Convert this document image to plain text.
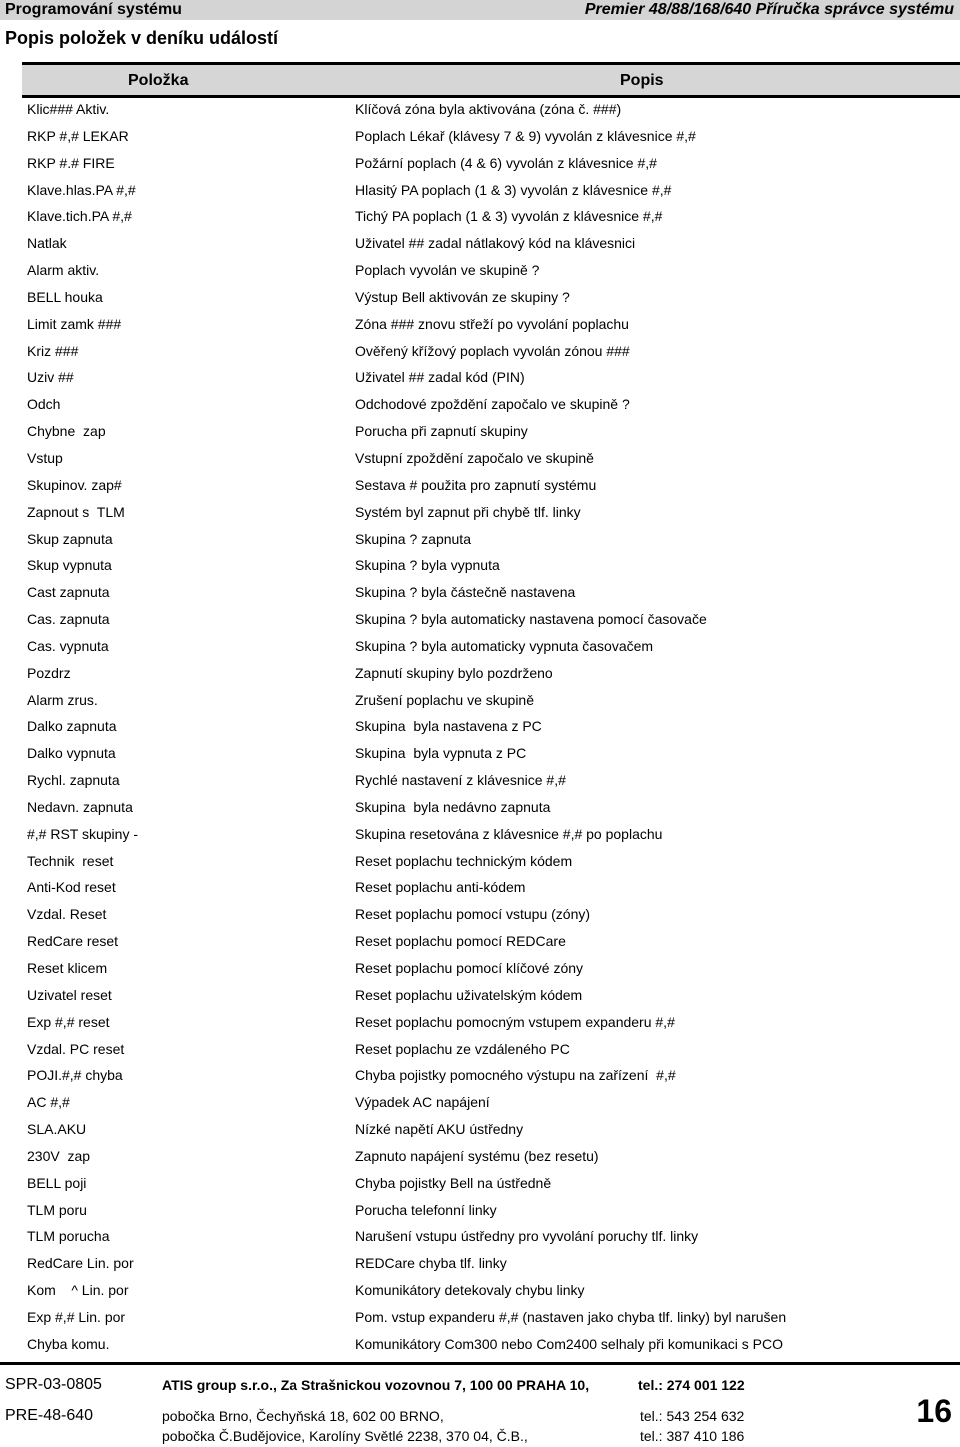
Programování systému	Premier 48/88/168/640 Příručka správce systému
Popis položek v deníku událostí
Položka	Popis
Klic### Aktiv.	Klíčová zóna byla aktivována (zóna č. ###)
RKP #,# LEKAR	Poplach Lékař (klávesy 7 & 9) vyvolán z klávesnice #,#
RKP #.# FIRE	Požární poplach (4 & 6) vyvolán z klávesnice #,#
Klave.hlas.PA #,#	Hlasitý PA poplach (1 & 3) vyvolán z klávesnice #,#
Klave.tich.PA #,#	Tichý PA poplach (1 & 3) vyvolán z klávesnice #,#
Natlak	Uživatel ## zadal nátlakový kód na klávesnici
Alarm aktiv.	Poplach vyvolán ve skupině ?
BELL houka	Výstup Bell aktivován ze skupiny ?
Limit zamk ###	Zóna ### znovu střeží po vyvolání poplachu
Kriz ###	Ověřený křížový poplach vyvolán zónou ###
Uziv ##	Uživatel ## zadal kód (PIN)
Odch	Odchodové zpoždění započalo ve skupině ?
Chybne  zap	Porucha při zapnutí skupiny
Vstup	Vstupní zpoždění započalo ve skupině
Skupinov. zap#	Sestava # použita pro zapnutí systému
Zapnout s  TLM	Systém byl zapnut při chybě tlf. linky
Skup zapnuta	Skupina ? zapnuta
Skup vypnuta	Skupina ? byla vypnuta
Cast zapnuta	Skupina ? byla částečně nastavena
Cas. zapnuta	Skupina ? byla automaticky nastavena pomocí časovače
Cas. vypnuta	Skupina ? byla automaticky vypnuta časovačem
Pozdrz	Zapnutí skupiny bylo pozdrženo
Alarm zrus.	Zrušení poplachu ve skupině
Dalko zapnuta	Skupina  byla nastavena z PC
Dalko vypnuta	Skupina  byla vypnuta z PC
Rychl. zapnuta	Rychlé nastavení z klávesnice #,#
Nedavn. zapnuta	Skupina  byla nedávno zapnuta
#,# RST skupiny -	Skupina resetována z klávesnice #,# po poplachu
Technik  reset	Reset poplachu technickým kódem
Anti-Kod reset	Reset poplachu anti-kódem
Vzdal. Reset	Reset poplachu pomocí vstupu (zóny)
RedCare reset	Reset poplachu pomocí REDCare
Reset klicem	Reset poplachu pomocí klíčové zóny
Uzivatel reset	Reset poplachu uživatelským kódem
Exp #,# reset	Reset poplachu pomocným vstupem expanderu #,#
Vzdal. PC reset	Reset poplachu ze vzdáleného PC
POJI.#,# chyba	Chyba pojistky pomocného výstupu na zařízení  #,#
AC #,#	Výpadek AC napájení
SLA.AKU	Nízké napětí AKU ústředny
230V  zap	Zapnuto napájení systému (bez resetu)
BELL poji	Chyba pojistky Bell na ústředně
TLM poru	Porucha telefonní linky
TLM porucha	Narušení vstupu ústředny pro vyvolání poruchy tlf. linky
RedCare Lin. por	REDCare chyba tlf. linky
Kom    ^ Lin. por	Komunikátory detekovaly chybu linky
Exp #,# Lin. por	Pom. vstup expanderu #,# (nastaven jako chyba tlf. linky) byl narušen
Chyba komu.	Komunikátory Com300 nebo Com2400 selhaly při komunikaci s PCO
SPR-03-0805
PRE-48-640
ATIS group s.r.o., Za Strašnickou vozovnou 7, 100 00 PRAHA 10,	tel.: 274 001 122
pobočka Brno, Čechyňská 18, 602 00 BRNO,	tel.: 543 254 632
pobočka Č.Budějovice, Karolíny Světlé 2238, 370 04, Č.B.,	tel.: 387 410 186
16
